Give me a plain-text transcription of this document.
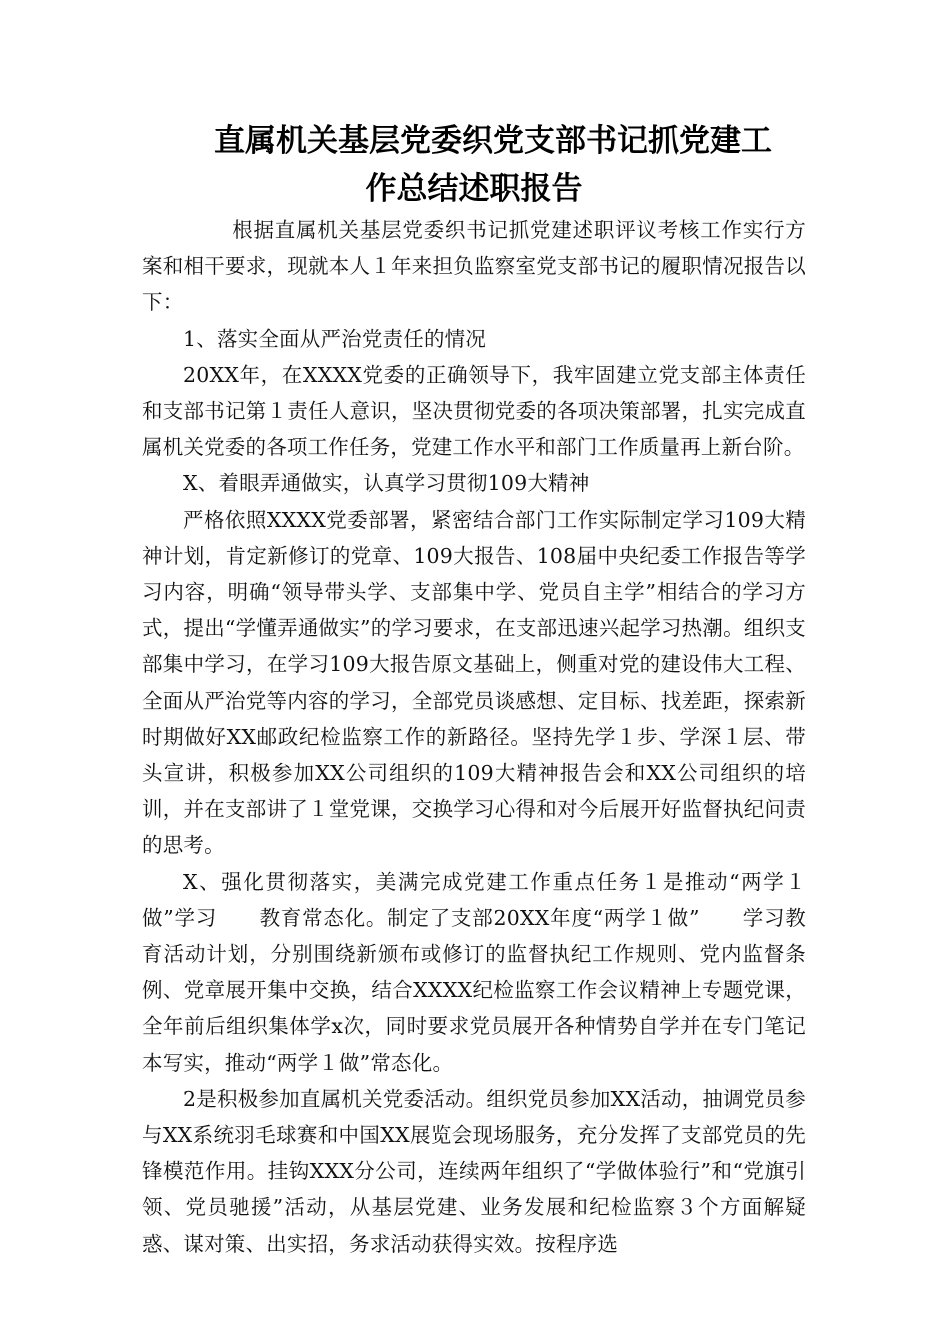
直属机关基层党委织党支部书记抓党建工
作总结述职报告

根据直属机关基层党委织书记抓党建述职评议考核工作实行方案和相干要求，现就本人１年来担负监察室党支部书记的履职情况报告以下：

1、落实全面从严治党责任的情况

20XX年，在XXXX党委的正确领导下，我牢固建立党支部主体责任和支部书记第１责任人意识，坚决贯彻党委的各项决策部署，扎实完成直属机关党委的各项工作任务，党建工作水平和部门工作质量再上新台阶。

X、着眼弄通做实，认真学习贯彻109大精神

严格依照XXXX党委部署，紧密结合部门工作实际制定学习109大精神计划，肯定新修订的党章、109大报告、108届中央纪委工作报告等学习内容，明确“领导带头学、支部集中学、党员自主学”相结合的学习方式，提出“学懂弄通做实”的学习要求，在支部迅速兴起学习热潮。组织支部集中学习，在学习109大报告原文基础上，侧重对党的建设伟大工程、全面从严治党等内容的学习，全部党员谈感想、定目标、找差距，探索新时期做好XX邮政纪检监察工作的新路径。坚持先学１步、学深１层、带头宣讲，积极参加XX公司组织的109大精神报告会和XX公司组织的培训，并在支部讲了１堂党课，交换学习心得和对今后展开好监督执纪问责的思考。

X、强化贯彻落实，美满完成党建工作重点任务１是推动“两学１做”学习　　教育常态化。制定了支部20XX年度“两学１做”　　学习教育活动计划，分别围绕新颁布或修订的监督执纪工作规则、党内监督条例、党章展开集中交换，结合XXXX纪检监察工作会议精神上专题党课，全年前后组织集体学x次，同时要求党员展开各种情势自学并在专门笔记本写实，推动“两学１做”常态化。

2是积极参加直属机关党委活动。组织党员参加XX活动，抽调党员参与XX系统羽毛球赛和中国XX展览会现场服务，充分发挥了支部党员的先锋模范作用。挂钩XXX分公司，连续两年组织了“学做体验行”和“党旗引领、党员驰援”活动，从基层党建、业务发展和纪检监察３个方面解疑惑、谋对策、出实招，务求活动获得实效。按程序选
